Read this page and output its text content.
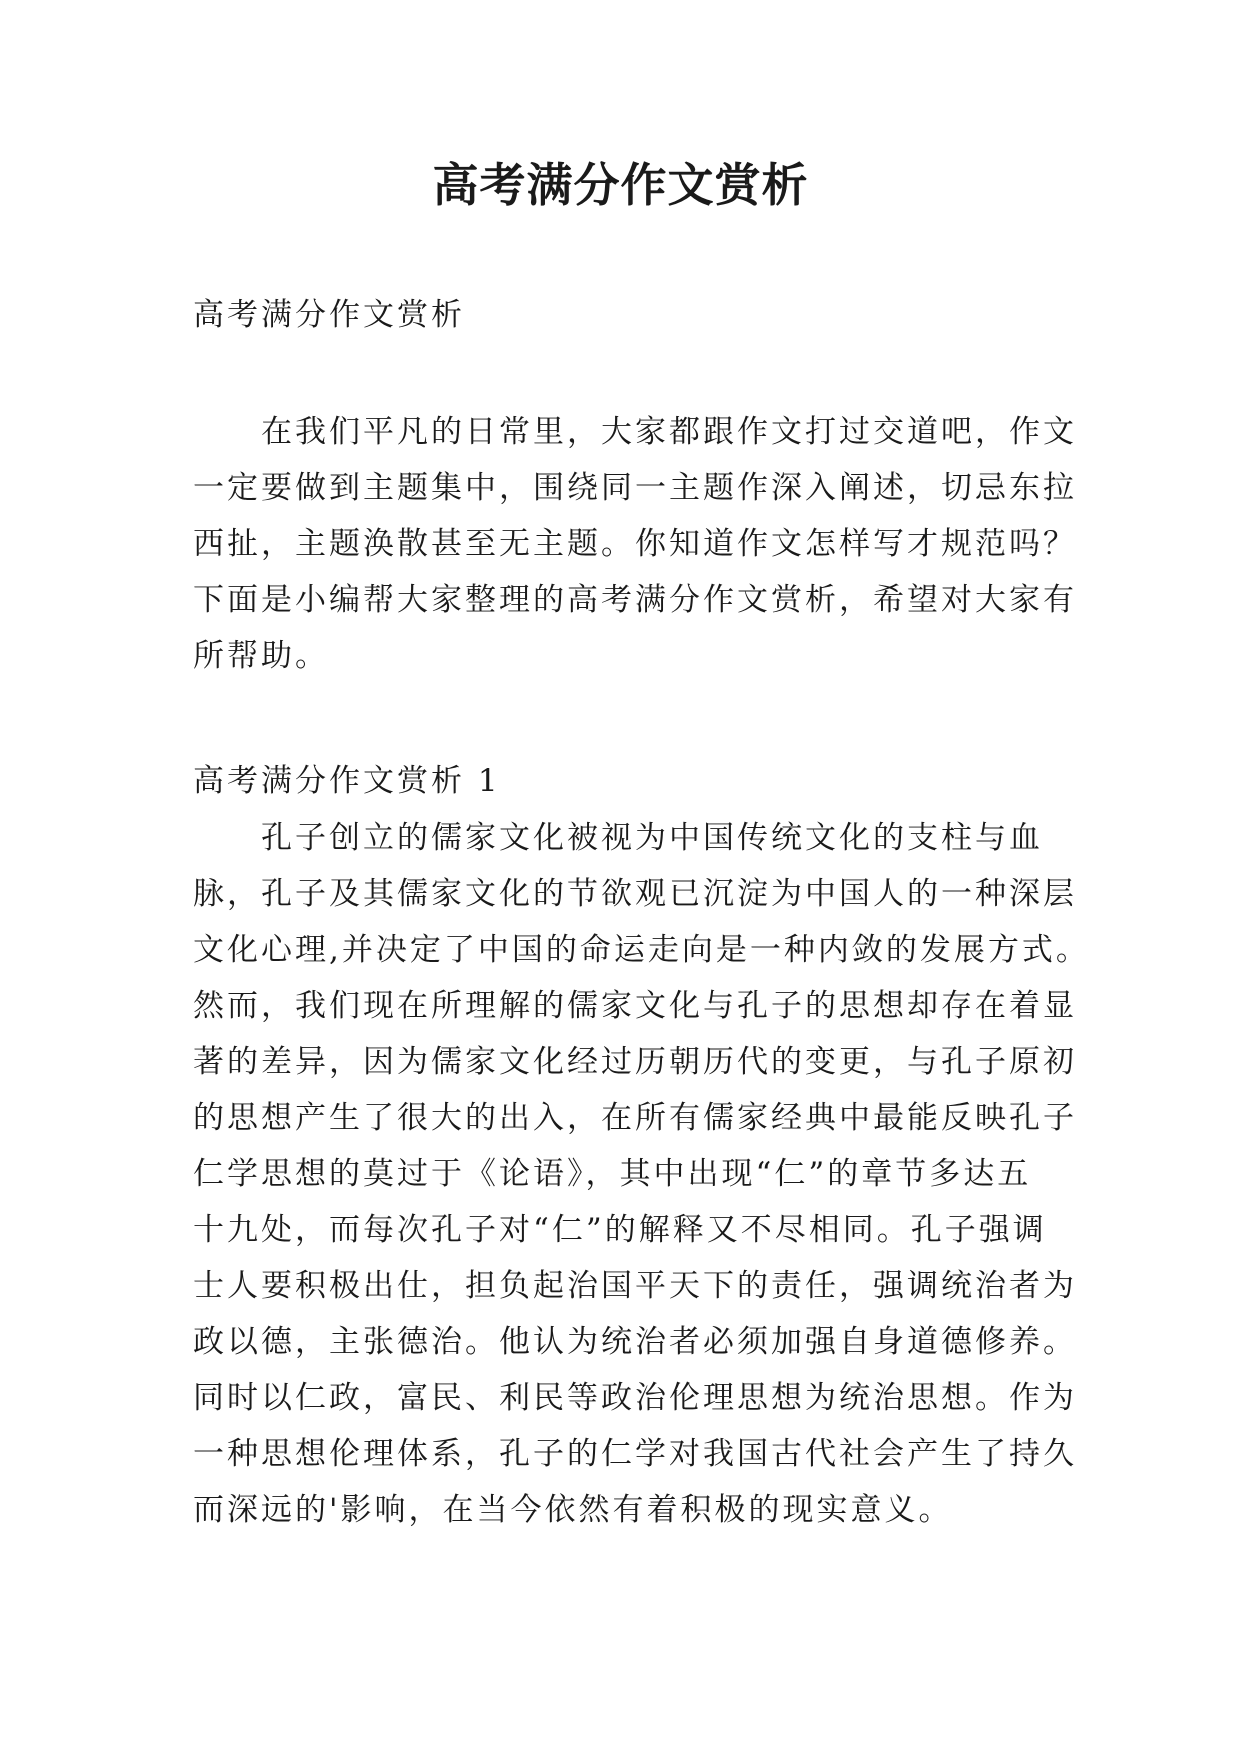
高考满分作文赏析
高考满分作文赏析
　　在我们平凡的日常里，大家都跟作文打过交道吧，作文
一定要做到主题集中，围绕同一主题作深入阐述，切忌东拉
西扯，主题涣散甚至无主题。你知道作文怎样写才规范吗？
下面是小编帮大家整理的高考满分作文赏析，希望对大家有
所帮助。
高考满分作文赏析 1
　　孔子创立的儒家文化被视为中国传统文化的支柱与血
脉，孔子及其儒家文化的节欲观已沉淀为中国人的一种深层
文化心理,并决定了中国的命运走向是一种内敛的发展方式。
然而，我们现在所理解的儒家文化与孔子的思想却存在着显
著的差异，因为儒家文化经过历朝历代的变更，与孔子原初
的思想产生了很大的出入，在所有儒家经典中最能反映孔子
仁学思想的莫过于《论语》，其中出现“仁”的章节多达五
十九处，而每次孔子对“仁”的解释又不尽相同。孔子强调
士人要积极出仕，担负起治国平天下的责任，强调统治者为
政以德，主张德治。他认为统治者必须加强自身道德修养。
同时以仁政，富民、利民等政治伦理思想为统治思想。作为
一种思想伦理体系，孔子的仁学对我国古代社会产生了持久
而深远的'影响，在当今依然有着积极的现实意义。
